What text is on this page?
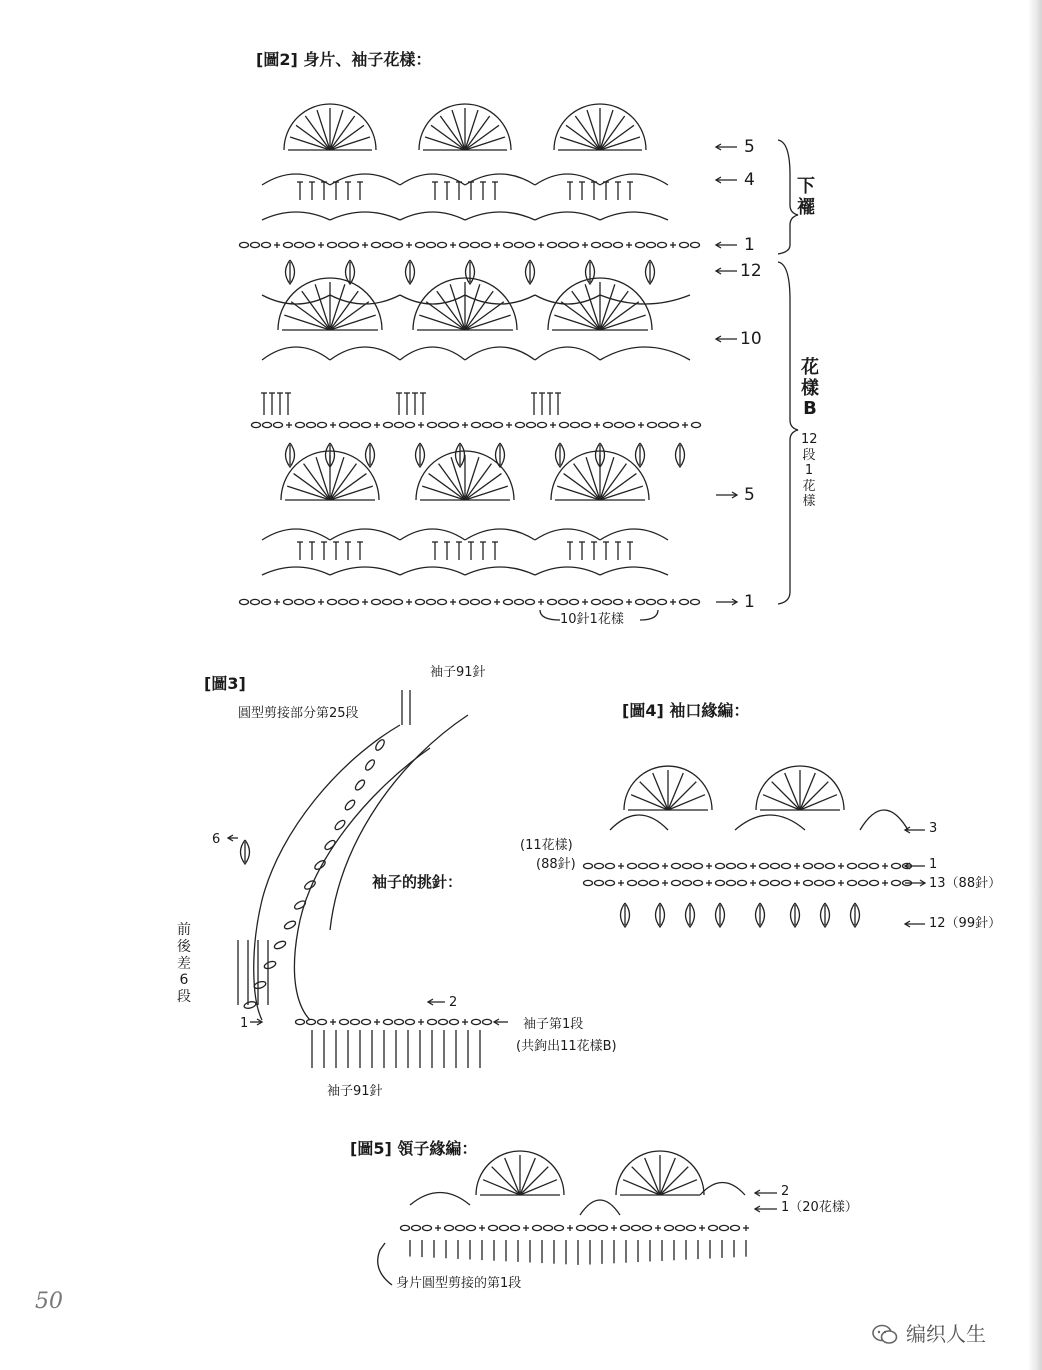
[圖2] 身片、袖子花樣：
5
4
1
下襬
12
10
5
1
花樣B
12段1花樣
10針1花樣
[圖3]
袖子91針
圓型剪接部分第25段
袖子的挑針：
6
2
1
前後差6段
袖子第1段
(共鉤出11花樣B)
袖子91針
[圖4] 袖口緣編：
3
1
13（88針）
12（99針）
(11花樣)
(88針)
[圖5] 領子緣編：
2
1（20花樣）
身片圓型剪接的第1段
50
编织人生
